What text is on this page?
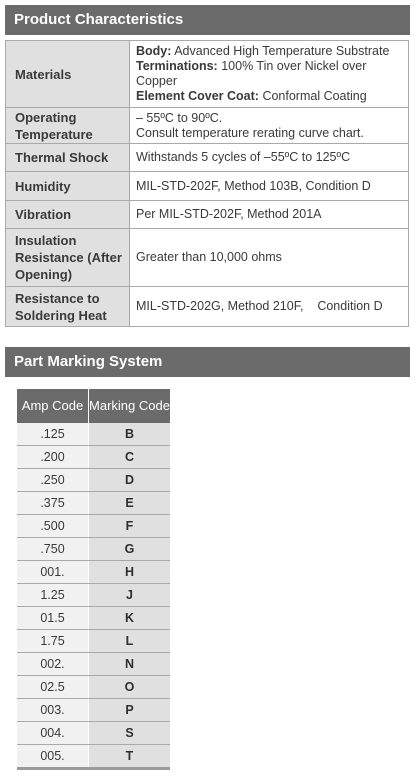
Product Characteristics
Materials	Body: Advanced High Temperature Substrate
Terminations: 100% Tin over Nickel over Copper
Element Cover Coat: Conformal Coating
Operating Temperature	– 55ºC to 90ºC.
Consult temperature rerating curve chart.
Thermal Shock	Withstands 5 cycles of –55ºC to 125ºC
Humidity	MIL-STD-202F, Method 103B, Condition D
Vibration	Per MIL-STD-202F, Method 201A
Insulation Resistance (After Opening)	Greater than 10,000 ohms
Resistance to Soldering Heat	MIL-STD-202G, Method 210F,    Condition D
Part Marking System
Amp Code	Marking Code
.125	B
.200	C
.250	D
.375	E
.500	F
.750	G
001.	H
1.25	J
01.5	K
1.75	L
002.	N
02.5	O
003.	P
004.	S
005.	T
